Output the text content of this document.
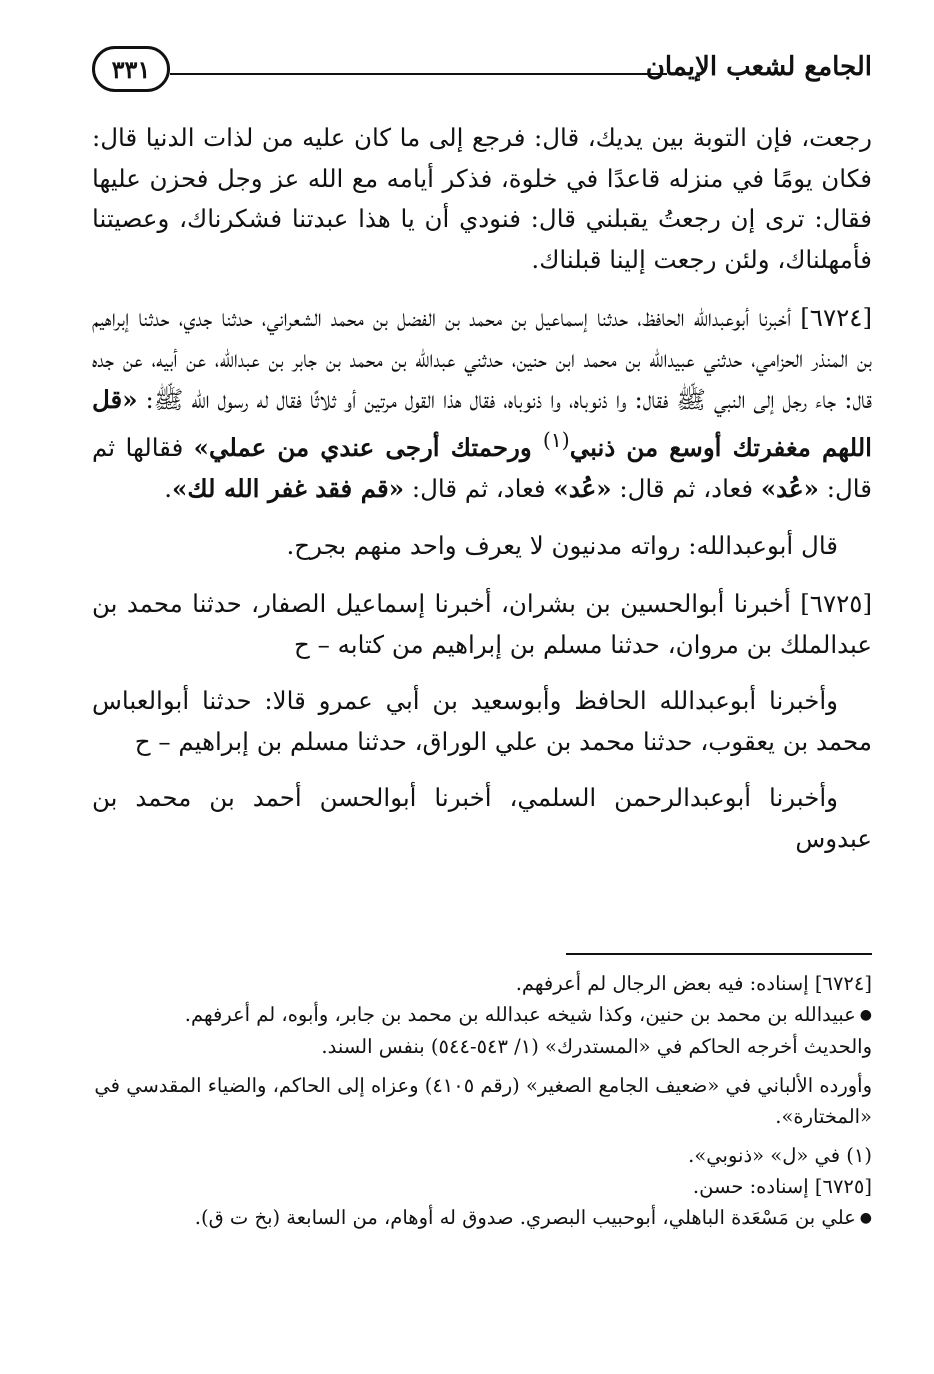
الجامع لشعب الإيمان
٣٣١

رجعت، فإن التوبة بين يديك، قال: فرجع إلى ما كان عليه من لذات الدنيا قال: فكان يومًا في منزله قاعدًا في خلوة، فذكر أيامه مع الله عز وجل فحزن عليها فقال: ترى إن رجعتُ يقبلني قال: فنودي أن يا هذا عبدتنا فشكرناك، وعصيتنا فأمهلناك، ولئن رجعت إلينا قبلناك.

[٦٧٢٤] أخبرنا أبوعبدالله الحافظ، حدثنا إسماعيل بن محمد بن الفضل بن محمد الشعراني، حدثنا جدي، حدثنا إبراهيم بن المنذر الحزامي، حدثني عبيدالله بن محمد ابن حنين، حدثني عبدالله بن محمد بن جابر بن عبدالله، عن أبيه، عن جده قال: جاء رجل إلى النبي ﷺ فقال: وا ذنوباه، وا ذنوباه، فقال هذا القول مرتين أو ثلاثًا فقال له رسول الله ﷺ: «قل اللهم مغفرتك أوسع من ذنبي$^{(١)}$ ورحمتك أرجى عندي من عملي» فقالها ثم قال: «عُد» فعاد، ثم قال: «عُد» فعاد، ثم قال: «قم فقد غفر الله لك».

قال أبوعبدالله: رواته مدنيون لا يعرف واحد منهم بجرح.

[٦٧٢٥] أخبرنا أبوالحسين بن بشران، أخبرنا إسماعيل الصفار، حدثنا محمد بن عبدالملك بن مروان، حدثنا مسلم بن إبراهيم من كتابه – ح

وأخبرنا أبوعبدالله الحافظ وأبوسعيد بن أبي عمرو قالا: حدثنا أبوالعباس محمد بن يعقوب، حدثنا محمد بن علي الوراق، حدثنا مسلم بن إبراهيم – ح

وأخبرنا أبوعبدالرحمن السلمي، أخبرنا أبوالحسن أحمد بن محمد بن عبدوس

[٦٧٢٤] إسناده: فيه بعض الرجال لم أعرفهم.

●عبيدالله بن محمد بن حنين، وكذا شيخه عبدالله بن محمد بن جابر، وأبوه، لم أعرفهم.

والحديث أخرجه الحاكم في «المستدرك» (١/ ٥٤٣-٥٤٤) بنفس السند.

وأورده الألباني في «ضعيف الجامع الصغير» (رقم ٤١٠٥) وعزاه إلى الحاكم، والضياء المقدسي في «المختارة».

(١) في «ل» «ذنوبي».

[٦٧٢٥] إسناده: حسن.

●علي بن مَسْعَدة الباهلي، أبوحبيب البصري. صدوق له أوهام، من السابعة (بخ ت ق).
